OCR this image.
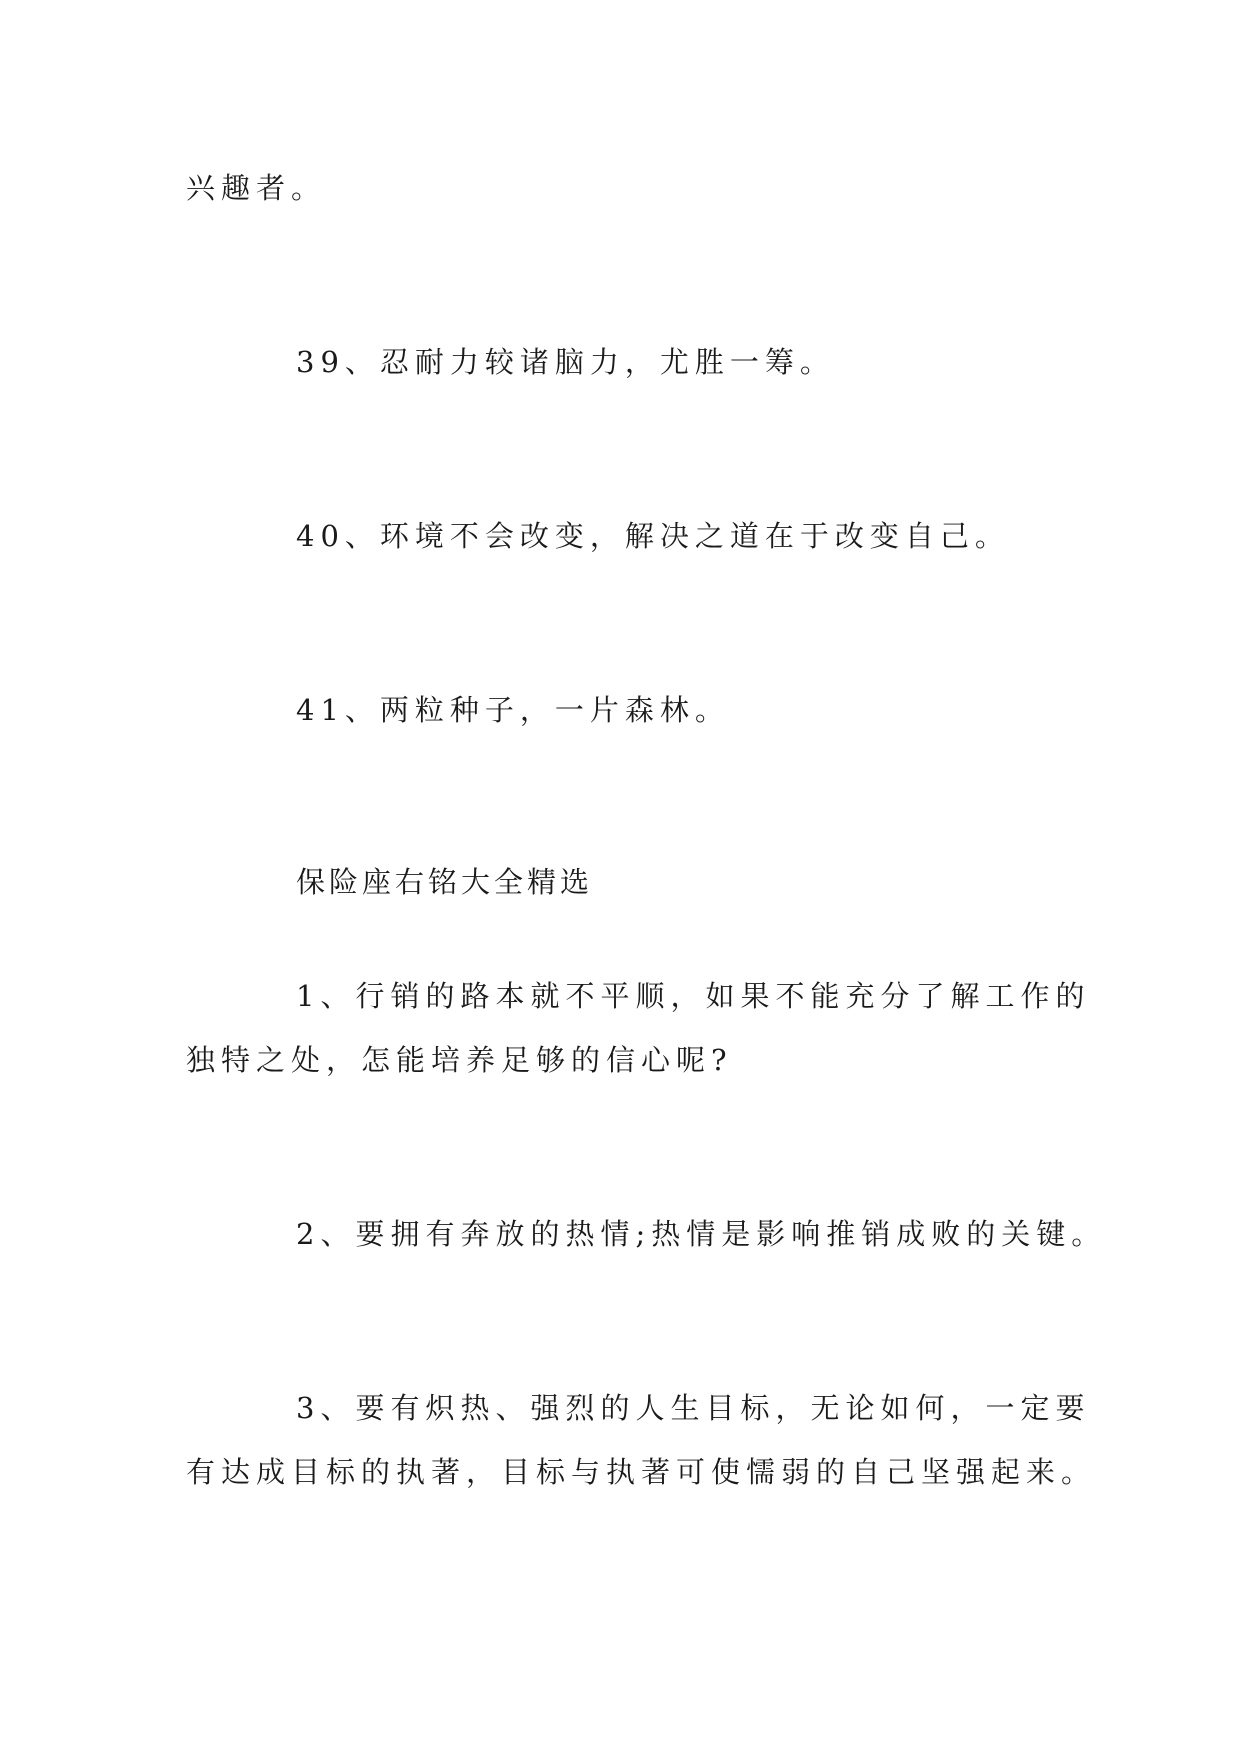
兴趣者。
39、忍耐力较诸脑力，尤胜一筹。
40、环境不会改变，解决之道在于改变自己。
41、两粒种子，一片森林。
保险座右铭大全精选
1、行销的路本就不平顺，如果不能充分了解工作的
独特之处，怎能培养足够的信心呢?
2、要拥有奔放的热情;热情是影响推销成败的关键。
3、要有炽热、强烈的人生目标，无论如何，一定要
有达成目标的执著，目标与执著可使懦弱的自己坚强起来。
